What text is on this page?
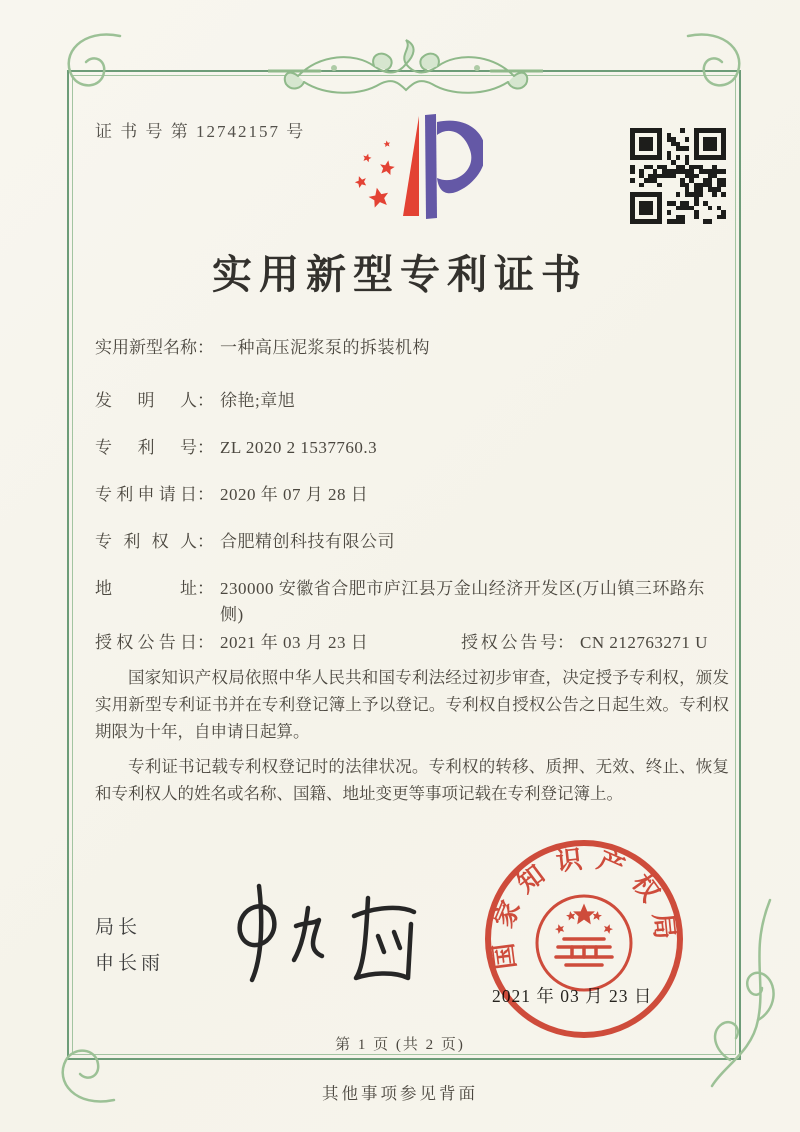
证 书 号 第 12742157 号
实用新型专利证书
实用新型名称 ： 一种高压泥浆泵的拆装机构
发明人 ： 徐艳;章旭
专利号 ： ZL 2020 2 1537760.3
专利申请日 ： 2020 年 07 月 28 日
专利权人 ： 合肥精创科技有限公司
地址 ： 230000 安徽省合肥市庐江县万金山经济开发区(万山镇三环路东侧)
授权公告日 ： 2021 年 03 月 23 日	授权公告号 ： CN 212763271 U

国家知识产权局依照中华人民共和国专利法经过初步审查，决定授予专利权，颁发实用新型专利证书并在专利登记簿上予以登记。专利权自授权公告之日起生效。专利权期限为十年，自申请日起算。

专利证书记载专利权登记时的法律状况。专利权的转移、质押、无效、终止、恢复和专利权人的姓名或名称、国籍、地址变更等事项记载在专利登记簿上。

局长
申长雨
2021 年 03 月 23 日
国家知识产权局
第 1 页 (共 2 页)
其他事项参见背面
